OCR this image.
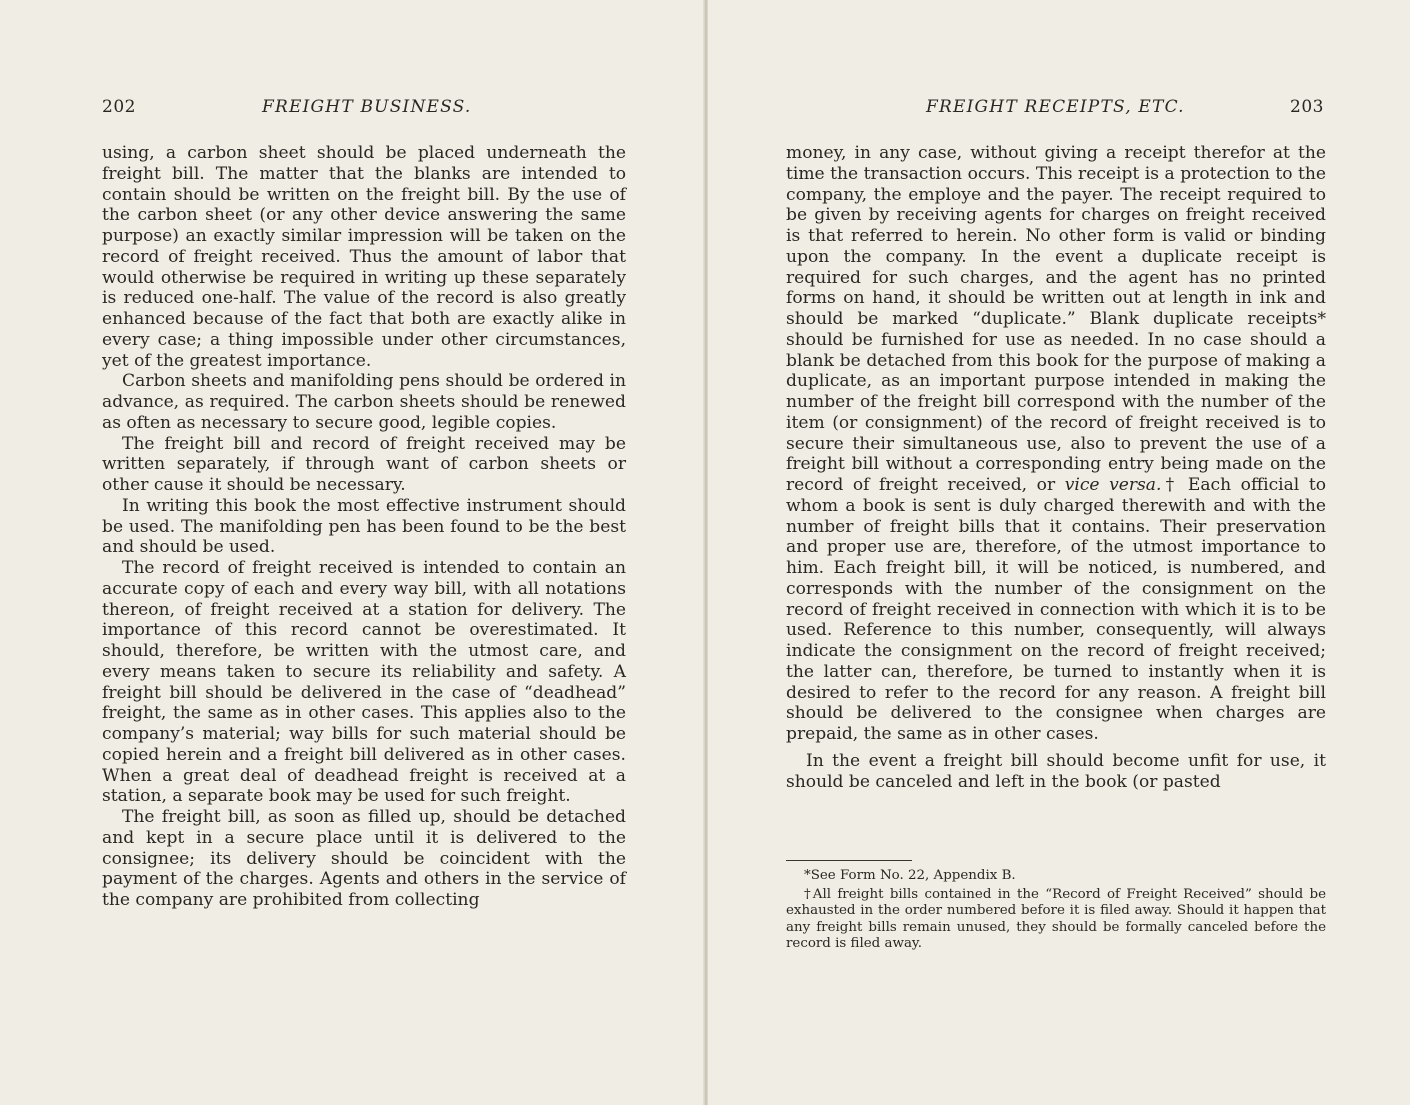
202	FREIGHT BUSINESS.

using, a carbon sheet should be placed underneath the freight bill. The matter that the blanks are intended to contain should be written on the freight bill. By the use of the carbon sheet (or any other device answering the same purpose) an exactly similar impression will be taken on the record of freight received. Thus the amount of labor that would otherwise be required in writing up these separately is reduced one-half. The value of the record is also greatly enhanced because of the fact that both are exactly alike in every case; a thing impossible under other circumstances, yet of the greatest importance.

Carbon sheets and manifolding pens should be ordered in advance, as required. The carbon sheets should be renewed as often as necessary to secure good, legible copies.

The freight bill and record of freight received may be written separately, if through want of carbon sheets or other cause it should be necessary.

In writing this book the most effective instrument should be used. The manifolding pen has been found to be the best and should be used.

The record of freight received is intended to contain an accurate copy of each and every way bill, with all notations thereon, of freight received at a station for delivery. The importance of this record cannot be overestimated. It should, therefore, be written with the utmost care, and every means taken to secure its reliability and safety. A freight bill should be delivered in the case of “deadhead” freight, the same as in other cases. This applies also to the company’s material; way bills for such material should be copied herein and a freight bill delivered as in other cases. When a great deal of deadhead freight is received at a station, a separate book may be used for such freight.

The freight bill, as soon as filled up, should be detached and kept in a secure place until it is delivered to the consignee; its delivery should be coincident with the payment of the charges. Agents and others in the service of the company are prohibited from collecting

FREIGHT RECEIPTS, ETC.	203

money, in any case, without giving a receipt therefor at the time the transaction occurs. This receipt is a protection to the company, the employe and the payer. The receipt required to be given by receiving agents for charges on freight received is that referred to herein. No other form is valid or binding upon the company. In the event a duplicate receipt is required for such charges, and the agent has no printed forms on hand, it should be written out at length in ink and should be marked “duplicate.” Blank duplicate receipts* should be furnished for use as needed. In no case should a blank be detached from this book for the purpose of making a duplicate, as an important purpose intended in making the number of the freight bill correspond with the number of the item (or consignment) of the record of freight received is to secure their simultaneous use, also to prevent the use of a freight bill without a corresponding entry being made on the record of freight received, or vice versa.† Each official to whom a book is sent is duly charged therewith and with the number of freight bills that it contains. Their preservation and proper use are, therefore, of the utmost importance to him. Each freight bill, it will be noticed, is numbered, and corresponds with the number of the consignment on the record of freight received in connection with which it is to be used. Reference to this number, consequently, will always indicate the consignment on the record of freight received; the latter can, therefore, be turned to instantly when it is desired to refer to the record for any reason. A freight bill should be delivered to the consignee when charges are prepaid, the same as in other cases.

In the event a freight bill should become unfit for use, it should be canceled and left in the book (or pasted

*See Form No. 22, Appendix B.

†All freight bills contained in the “Record of Freight Received” should be exhausted in the order numbered before it is filed away. Should it happen that any freight bills remain unused, they should be formally canceled before the record is filed away.
